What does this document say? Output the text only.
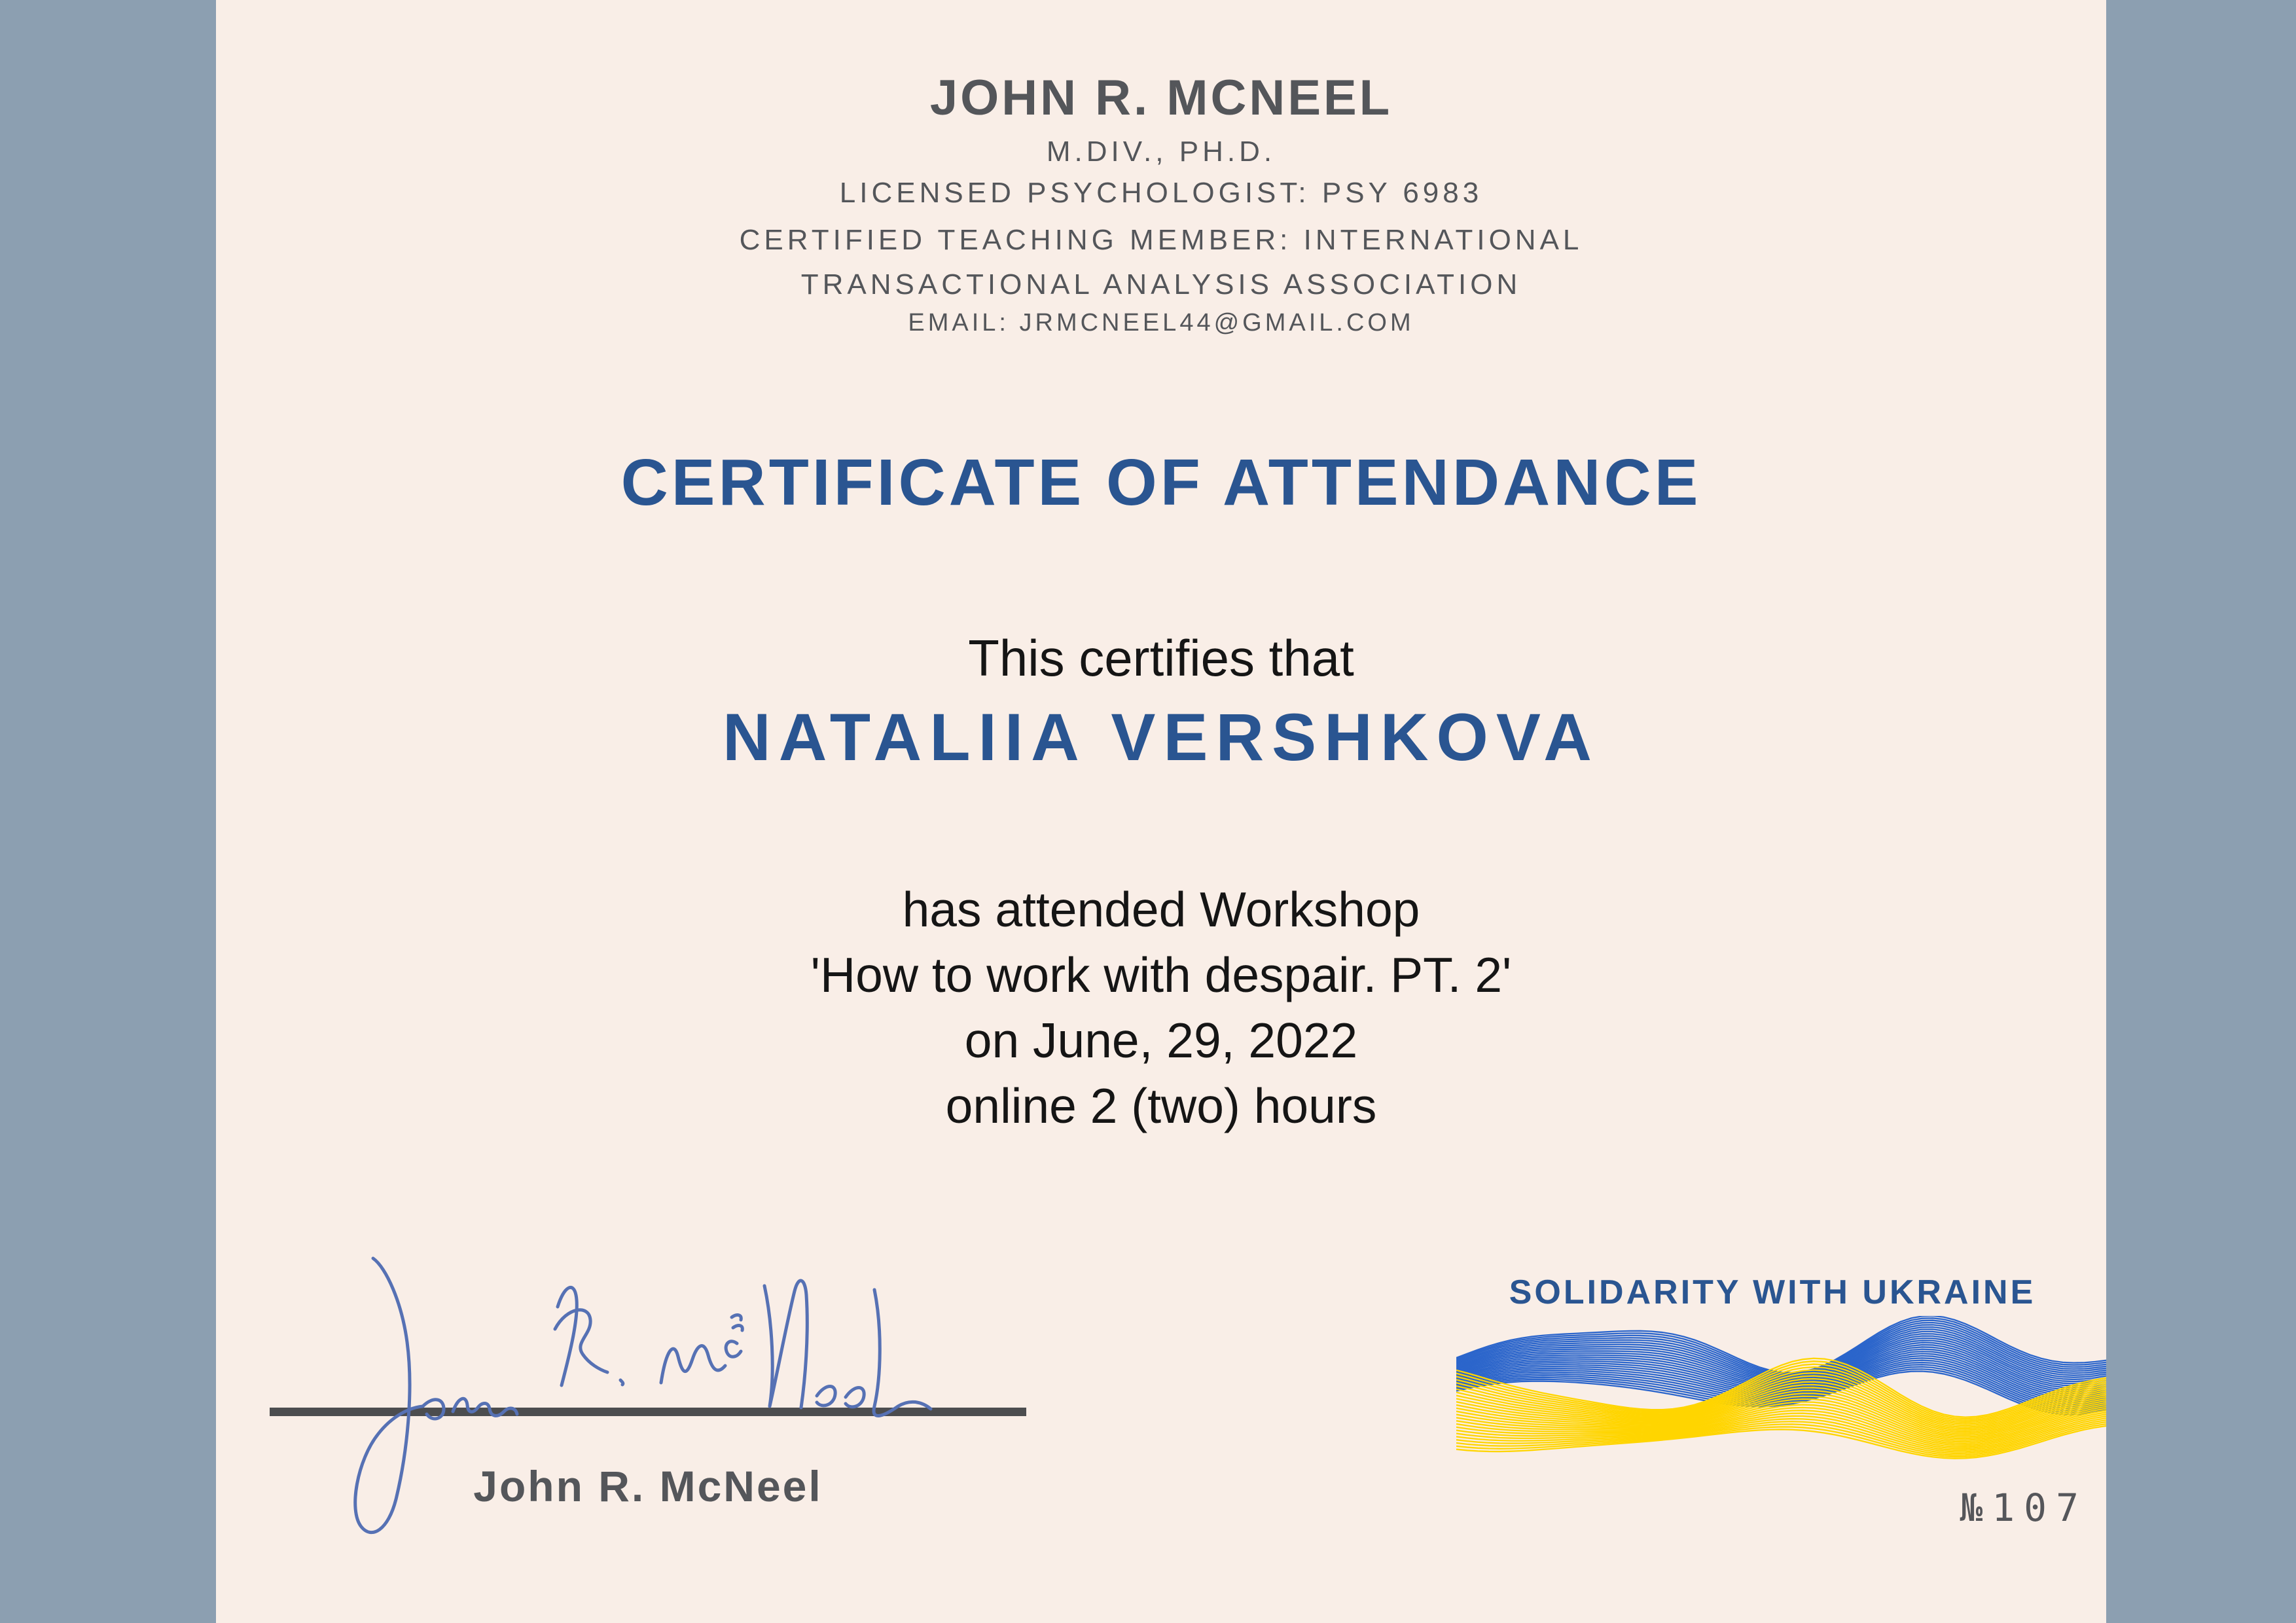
JOHN R. MCNEEL
M.DIV., PH.D.
LICENSED PSYCHOLOGIST: PSY 6983
CERTIFIED TEACHING MEMBER: INTERNATIONAL
TRANSACTIONAL ANALYSIS ASSOCIATION
EMAIL: JRMCNEEL44@GMAIL.COM
CERTIFICATE OF ATTENDANCE
This certifies that
NATALIIA VERSHKOVA
has attended Workshop
'How to work with despair. PT. 2'
on June, 29, 2022
online 2 (two) hours
John R. McNeel
SOLIDARITY WITH UKRAINE
№107
